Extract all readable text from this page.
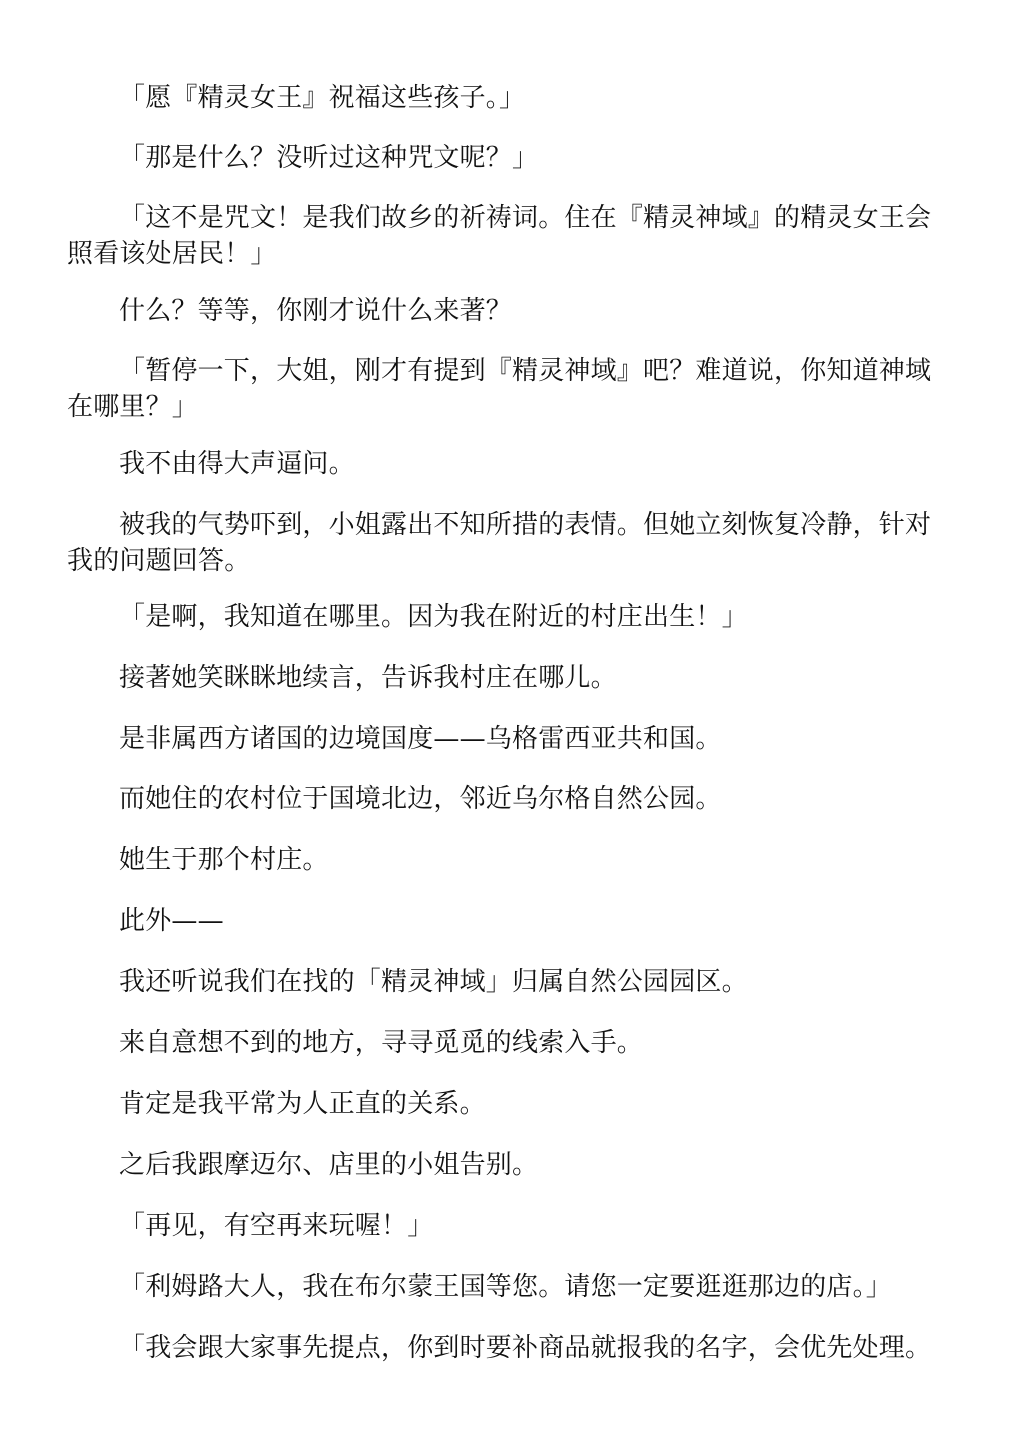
「愿『精灵女王』祝福这些孩子。」

「那是什么？没听过这种咒文呢？」

「这不是咒文！是我们故乡的祈祷词。住在『精灵神域』的精灵女王会照看该处居民！」

什么？等等，你刚才说什么来著？

「暂停一下，大姐，刚才有提到『精灵神域』吧？难道说，你知道神域在哪里？」

我不由得大声逼问。

被我的气势吓到，小姐露出不知所措的表情。但她立刻恢复冷静，针对我的问题回答。

「是啊，我知道在哪里。因为我在附近的村庄出生！」

接著她笑眯眯地续言，告诉我村庄在哪儿。

是非属西方诸国的边境国度——乌格雷西亚共和国。

而她住的农村位于国境北边，邻近乌尔格自然公园。

她生于那个村庄。

此外——

我还听说我们在找的「精灵神域」归属自然公园园区。

来自意想不到的地方，寻寻觅觅的线索入手。

肯定是我平常为人正直的关系。

之后我跟摩迈尔、店里的小姐告别。

「再见，有空再来玩喔！」

「利姆路大人，我在布尔蒙王国等您。请您一定要逛逛那边的店。」

「我会跟大家事先提点，你到时要补商品就报我的名字，会优先处理。
